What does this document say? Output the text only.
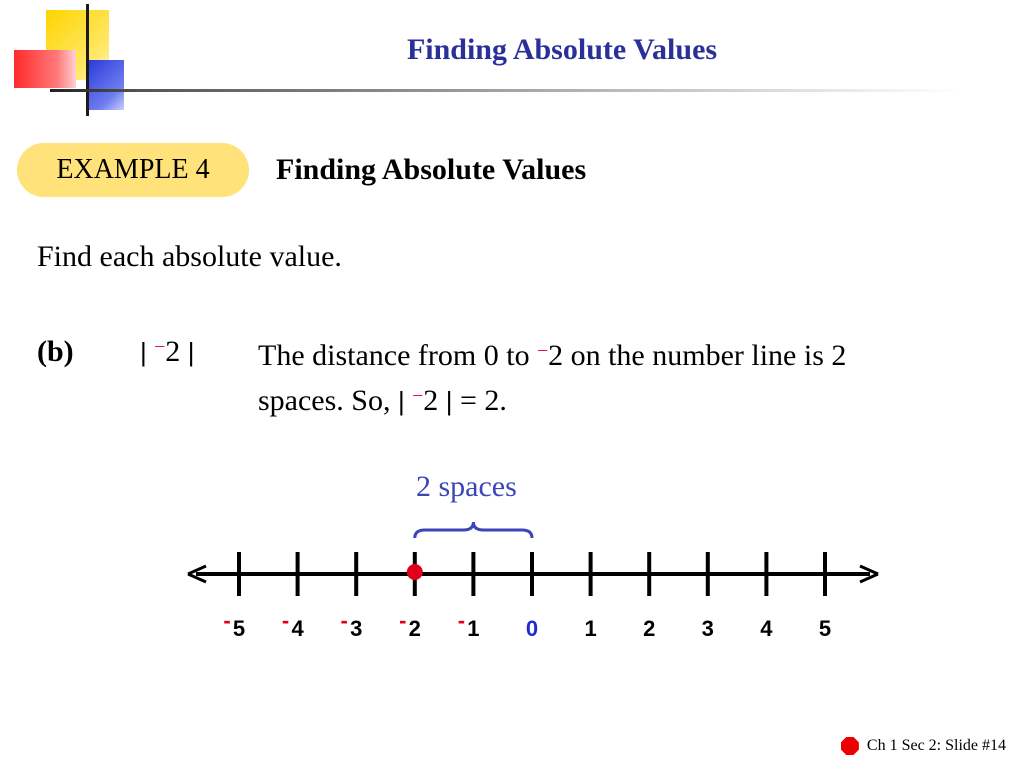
Finding Absolute Values
EXAMPLE 4	Finding Absolute Values
Find each absolute value.
(b)	| –2 | The distance from 0 to –2 on the number line is 2
spaces. So, | –2 | = 2.
2 spaces
- 5 - 4 - 3 - 2 - 1 0 1 2 3 4 5
Ch 1 Sec 2: Slide #14
